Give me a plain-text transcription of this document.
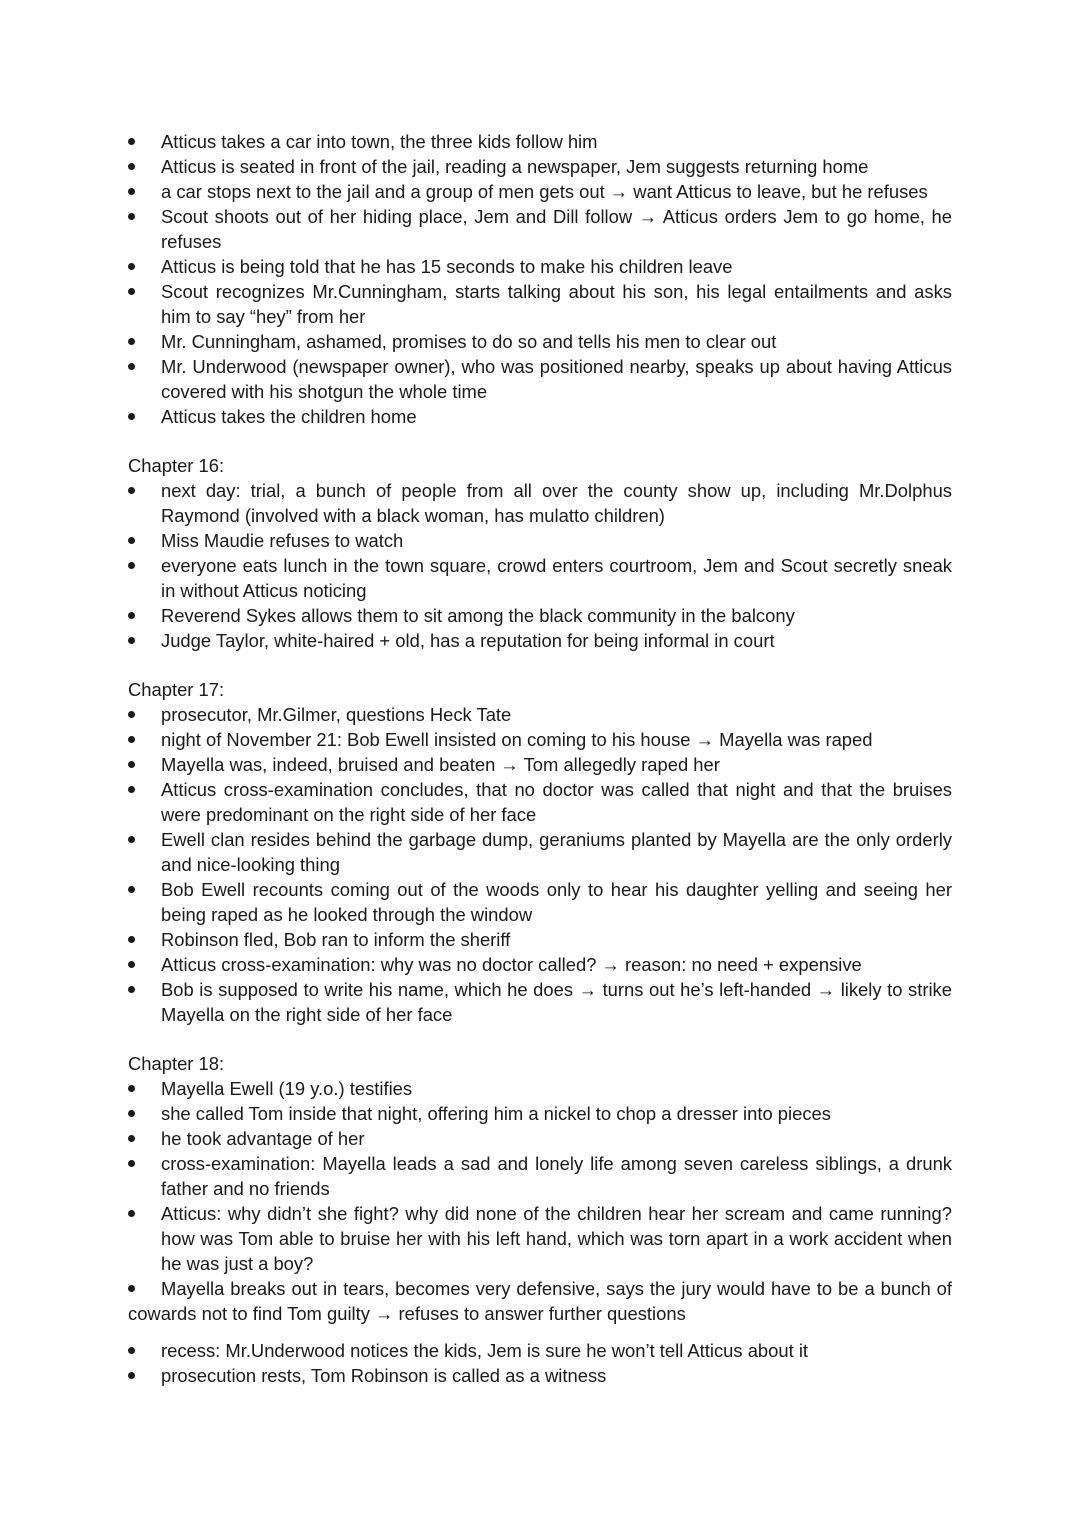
Atticus takes a car into town, the three kids follow him
Atticus is seated in front of the jail, reading a newspaper, Jem suggests returning home
a car stops next to the jail and a group of men gets out → want Atticus to leave, but he refuses
Scout shoots out of her hiding place, Jem and Dill follow → Atticus orders Jem to go home, he refuses
Atticus is being told that he has 15 seconds to make his children leave
Scout recognizes Mr.Cunningham, starts talking about his son, his legal entailments and asks him to say “hey” from her
Mr. Cunningham, ashamed, promises to do so and tells his men to clear out
Mr. Underwood (newspaper owner), who was positioned nearby, speaks up about having Atticus covered with his shotgun the whole time
Atticus takes the children home
Chapter 16:
next day: trial, a bunch of people from all over the county show up, including Mr.Dolphus Raymond (involved with a black woman, has mulatto children)
Miss Maudie refuses to watch
everyone eats lunch in the town square, crowd enters courtroom, Jem and Scout secretly sneak in without Atticus noticing
Reverend Sykes allows them to sit among the black community in the balcony
Judge Taylor, white-haired + old, has a reputation for being informal in court
Chapter 17:
prosecutor, Mr.Gilmer, questions Heck Tate
night of November 21: Bob Ewell insisted on coming to his house → Mayella was raped
Mayella was, indeed, bruised and beaten → Tom allegedly raped her
Atticus cross-examination concludes, that no doctor was called that night and that the bruises were predominant on the right side of her face
Ewell clan resides behind the garbage dump, geraniums planted by Mayella are the only orderly and nice-looking thing
Bob Ewell recounts coming out of the woods only to hear his daughter yelling and seeing her being raped as he looked through the window
Robinson fled, Bob ran to inform the sheriff
Atticus cross-examination: why was no doctor called? → reason: no need + expensive
Bob is supposed to write his name, which he does → turns out he’s left-handed → likely to strike Mayella on the right side of her face
Chapter 18:
Mayella Ewell (19 y.o.) testifies
she called Tom inside that night, offering him a nickel to chop a dresser into pieces
he took advantage of her
cross-examination: Mayella leads a sad and lonely life among seven careless siblings, a drunk father and no friends
Atticus: why didn’t she fight? why did none of the children hear her scream and came running? how was Tom able to bruise her with his left hand, which was torn apart in a work accident when he was just a boy?
Mayella breaks out in tears, becomes very defensive, says the jury would have to be a bunch of cowards not to find Tom guilty → refuses to answer further questions
recess: Mr.Underwood notices the kids, Jem is sure he won’t tell Atticus about it
prosecution rests, Tom Robinson is called as a witness
